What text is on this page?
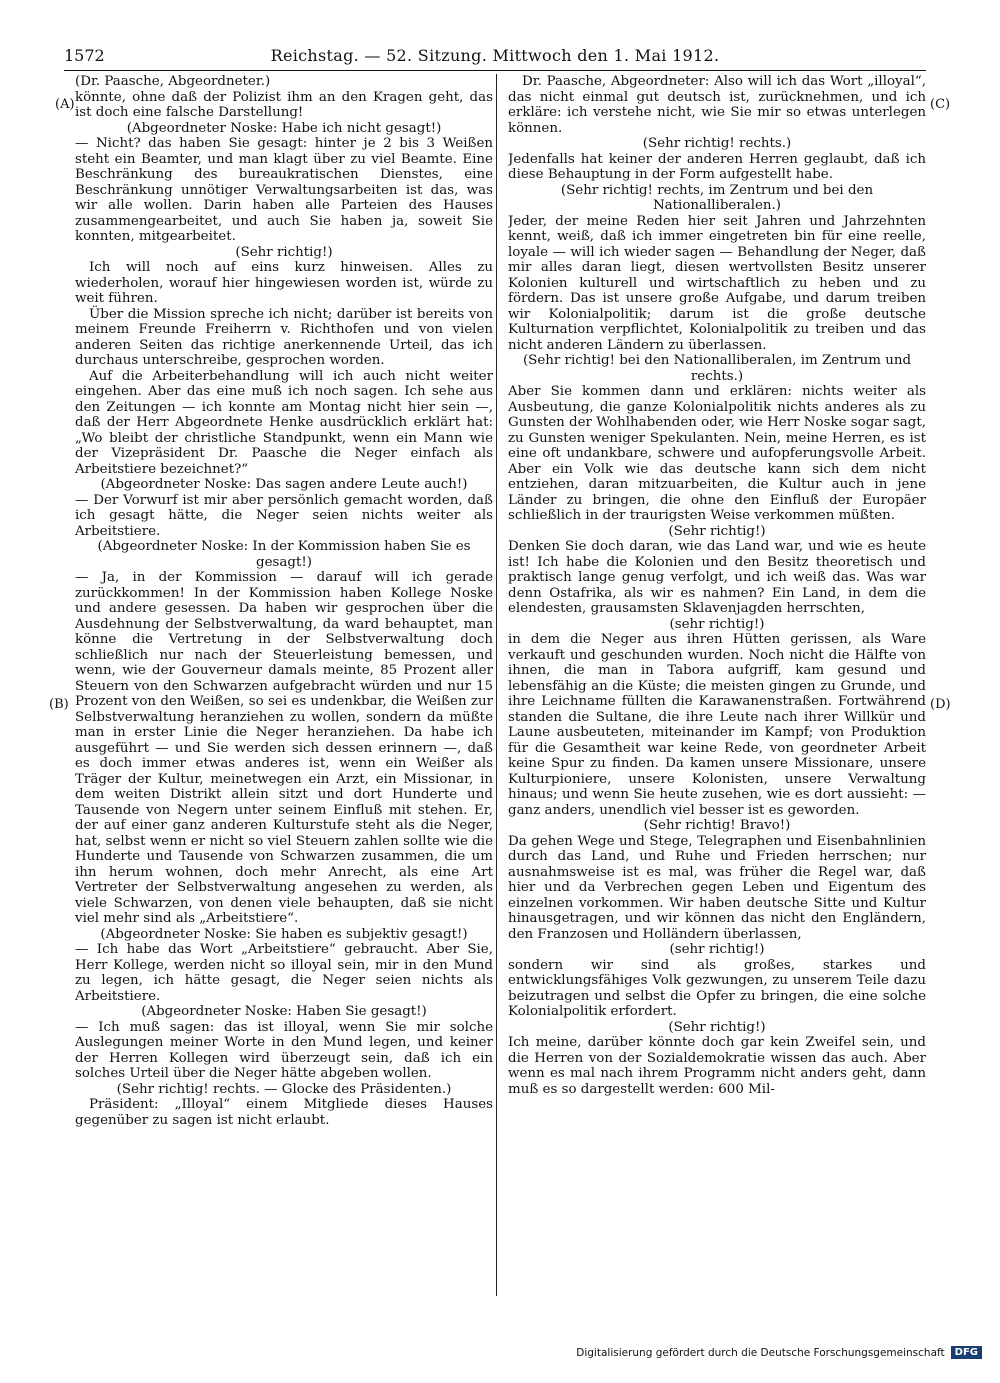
1572	Reichstag. — 52. Sitzung. Mittwoch den 1. Mai 1912.
(A)
(B)
(C)
(D)

(Dr. Paasche, Abgeordneter.)

könnte, ohne daß der Polizist ihm an den Kragen geht, das ist doch eine falsche Darstellung!

(Abgeordneter Noske: Habe ich nicht gesagt!)

— Nicht? das haben Sie gesagt: hinter je 2 bis 3 Weißen steht ein Beamter, und man klagt über zu viel Beamte. Eine Beschränkung des bureaukratischen Dienstes, eine Beschränkung unnötiger Verwaltungsarbeiten ist das, was wir alle wollen. Darin haben alle Parteien des Hauses zusammengearbeitet, und auch Sie haben ja, soweit Sie konnten, mitgearbeitet.

(Sehr richtig!)

Ich will noch auf eins kurz hinweisen. Alles zu wiederholen, worauf hier hingewiesen worden ist, würde zu weit führen.

Über die Mission spreche ich nicht; darüber ist bereits von meinem Freunde Freiherrn v. Richthofen und von vielen anderen Seiten das richtige anerkennende Urteil, das ich durchaus unterschreibe, gesprochen worden.

Auf die Arbeiterbehandlung will ich auch nicht weiter eingehen. Aber das eine muß ich noch sagen. Ich sehe aus den Zeitungen — ich konnte am Montag nicht hier sein —, daß der Herr Abgeordnete Henke ausdrücklich erklärt hat: „Wo bleibt der christliche Standpunkt, wenn ein Mann wie der Vizepräsident Dr. Paasche die Neger einfach als Arbeitstiere bezeichnet?“

(Abgeordneter Noske: Das sagen andere Leute auch!)

— Der Vorwurf ist mir aber persönlich gemacht worden, daß ich gesagt hätte, die Neger seien nichts weiter als Arbeitstiere.

(Abgeordneter Noske: In der Kommission haben Sie es gesagt!)

— Ja, in der Kommission — darauf will ich gerade zurückkommen! In der Kommission haben Kollege Noske und andere gesessen. Da haben wir gesprochen über die Ausdehnung der Selbstverwaltung, da ward behauptet, man könne die Vertretung in der Selbstverwaltung doch schließlich nur nach der Steuerleistung bemessen, und wenn, wie der Gouverneur damals meinte, 85 Prozent aller Steuern von den Schwarzen aufgebracht würden und nur 15 Prozent von den Weißen, so sei es undenkbar, die Weißen zur Selbstverwaltung heranziehen zu wollen, sondern da müßte man in erster Linie die Neger heranziehen. Da habe ich ausgeführt — und Sie werden sich dessen erinnern —, daß es doch immer etwas anderes ist, wenn ein Weißer als Träger der Kultur, meinetwegen ein Arzt, ein Missionar, in dem weiten Distrikt allein sitzt und dort Hunderte und Tausende von Negern unter seinem Einfluß mit stehen. Er, der auf einer ganz anderen Kulturstufe steht als die Neger, hat, selbst wenn er nicht so viel Steuern zahlen sollte wie die Hunderte und Tausende von Schwarzen zusammen, die um ihn herum wohnen, doch mehr Anrecht, als eine Art Vertreter der Selbstverwaltung angesehen zu werden, als viele Schwarzen, von denen viele behaupten, daß sie nicht viel mehr sind als „Arbeitstiere“.

(Abgeordneter Noske: Sie haben es subjektiv gesagt!)

— Ich habe das Wort „Arbeitstiere“ gebraucht. Aber Sie, Herr Kollege, werden nicht so illoyal sein, mir in den Mund zu legen, ich hätte gesagt, die Neger seien nichts als Arbeitstiere.

(Abgeordneter Noske: Haben Sie gesagt!)

— Ich muß sagen: das ist illoyal, wenn Sie mir solche Auslegungen meiner Worte in den Mund legen, und keiner der Herren Kollegen wird überzeugt sein, daß ich ein solches Urteil über die Neger hätte abgeben wollen.

(Sehr richtig! rechts. — Glocke des Präsidenten.)

Präsident: „Illoyal“ einem Mitgliede dieses Hauses gegenüber zu sagen ist nicht erlaubt.

Dr. Paasche, Abgeordneter: Also will ich das Wort „illoyal“, das nicht einmal gut deutsch ist, zurücknehmen, und ich erkläre: ich verstehe nicht, wie Sie mir so etwas unterlegen können.

(Sehr richtig! rechts.)

Jedenfalls hat keiner der anderen Herren geglaubt, daß ich diese Behauptung in der Form aufgestellt habe.

(Sehr richtig! rechts, im Zentrum und bei den Nationalliberalen.)

Jeder, der meine Reden hier seit Jahren und Jahrzehnten kennt, weiß, daß ich immer eingetreten bin für eine reelle, loyale — will ich wieder sagen — Behandlung der Neger, daß mir alles daran liegt, diesen wertvollsten Besitz unserer Kolonien kulturell und wirtschaftlich zu heben und zu fördern. Das ist unsere große Aufgabe, und darum treiben wir Kolonialpolitik; darum ist die große deutsche Kulturnation verpflichtet, Kolonialpolitik zu treiben und das nicht anderen Ländern zu überlassen.

(Sehr richtig! bei den Nationalliberalen, im Zentrum und rechts.)

Aber Sie kommen dann und erklären: nichts weiter als Ausbeutung, die ganze Kolonialpolitik nichts anderes als zu Gunsten der Wohlhabenden oder, wie Herr Noske sogar sagt, zu Gunsten weniger Spekulanten. Nein, meine Herren, es ist eine oft undankbare, schwere und aufopferungsvolle Arbeit. Aber ein Volk wie das deutsche kann sich dem nicht entziehen, daran mitzuarbeiten, die Kultur auch in jene Länder zu bringen, die ohne den Einfluß der Europäer schließlich in der traurigsten Weise verkommen müßten.

(Sehr richtig!)

Denken Sie doch daran, wie das Land war, und wie es heute ist! Ich habe die Kolonien und den Besitz theoretisch und praktisch lange genug verfolgt, und ich weiß das. Was war denn Ostafrika, als wir es nahmen? Ein Land, in dem die elendesten, grausamsten Sklavenjagden herrschten,

(sehr richtig!)

in dem die Neger aus ihren Hütten gerissen, als Ware verkauft und geschunden wurden. Noch nicht die Hälfte von ihnen, die man in Tabora aufgriff, kam gesund und lebensfähig an die Küste; die meisten gingen zu Grunde, und ihre Leichname füllten die Karawanenstraßen. Fortwährend standen die Sultane, die ihre Leute nach ihrer Willkür und Laune ausbeuteten, miteinander im Kampf; von Produktion für die Gesamtheit war keine Rede, von geordneter Arbeit keine Spur zu finden. Da kamen unsere Missionare, unsere Kulturpioniere, unsere Kolonisten, unsere Verwaltung hinaus; und wenn Sie heute zusehen, wie es dort aussieht: — ganz anders, unendlich viel besser ist es geworden.

(Sehr richtig! Bravo!)

Da gehen Wege und Stege, Telegraphen und Eisenbahnlinien durch das Land, und Ruhe und Frieden herrschen; nur ausnahmsweise ist es mal, was früher die Regel war, daß hier und da Verbrechen gegen Leben und Eigentum des einzelnen vorkommen. Wir haben deutsche Sitte und Kultur hinausgetragen, und wir können das nicht den Engländern, den Franzosen und Holländern überlassen,

(sehr richtig!)

sondern wir sind als großes, starkes und entwicklungsfähiges Volk gezwungen, zu unserem Teile dazu beizutragen und selbst die Opfer zu bringen, die eine solche Kolonialpolitik erfordert.

(Sehr richtig!)

Ich meine, darüber könnte doch gar kein Zweifel sein, und die Herren von der Sozialdemokratie wissen das auch. Aber wenn es mal nach ihrem Programm nicht anders geht, dann muß es so dargestellt werden: 600 Mil-

Digitalisierung gefördert durch die Deutsche Forschungsgemeinschaft	DFG
